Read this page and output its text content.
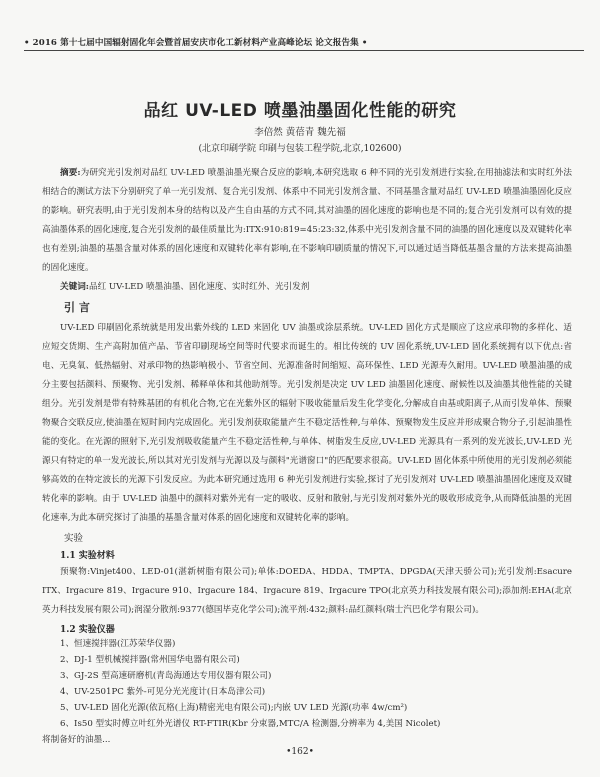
• 2016 第十七届中国辐射固化年会暨首届安庆市化工新材料产业高峰论坛 论文报告集 •
品红 UV-LED 喷墨油墨固化性能的研究
李倍然 黄蓓青 魏先福
(北京印刷学院 印刷与包装工程学院,北京,102600)
摘要:为研究光引发剂对品红 UV-LED 喷墨油墨光聚合反应的影响,本研究选取 6 种不同的光引发剂进行实验,在用抽滤法和实时红外法相结合的测试方法下分别研究了单一光引发剂、复合光引发剂、体系中不同光引发剂含量、不同基墨含量对品红 UV-LED 喷墨油墨固化反应的影响。研究表明,由于光引发剂本身的结构以及产生自由基的方式不同,其对油墨的固化速度的影响也是不同的;复合光引发剂可以有效的提高油墨体系的固化速度,复合光引发剂的最佳质量比为:ITX:910:819=45:23:32,体系中光引发剂含量不同的油墨的固化速度以及双键转化率也有差别;油墨的基墨含量对体系的固化速度和双键转化率有影响,在不影响印刷质量的情况下,可以通过适当降低基墨含量的方法来提高油墨的固化速度。
关键词:品红 UV-LED 喷墨油墨、固化速度、实时红外、光引发剂
引 言
UV-LED 印刷固化系统就是用发出紫外线的 LED 来固化 UV 油墨或涂层系统。UV-LED 固化方式是顺应了这应承印物的多样化、适应短交货期、生产高附加值产品、节省印刷现场空间等时代要求而诞生的。相比传统的 UV 固化系统,UV-LED 固化系统拥有以下优点:省电、无臭氧、低热辐射、对承印物的热影响极小、节省空间、光源准备时间缩短、高环保性、LED 光源寿久耐用。UV-LED 喷墨油墨的成分主要包括颜料、预聚物、光引发剂、稀释单体和其他助剂等。光引发剂是决定 UV LED 油墨固化速度、耐候性以及油墨其他性能的关键组分。光引发剂是带有特殊基团的有机化合物,它在光紫外区的辐射下吸收能量后发生化学变化,分解成自由基或阳离子,从而引发单体、预聚物聚合交联反应,使油墨在短时间内完成固化。光引发剂获取能量产生不稳定活性种,与单体、预聚物发生反应并形成聚合物分子,引起油墨性能的变化。在光源的照射下,光引发剂吸收能量产生不稳定活性种,与单体、树脂发生反应,UV-LED 光源具有一系列的发光波长,UV-LED 光源只有特定的单一发光波长,所以其对光引发剂与光源以及与颜料"光谱窗口"的匹配要求很高。UV-LED 固化体系中所使用的光引发剂必须能够高效的在特定波长的光源下引发反应。为此本研究通过选用 6 种光引发剂进行实验,探讨了光引发剂对 UV-LED 喷墨油墨固化速度及双键转化率的影响。由于 UV-LED 油墨中的颜料对紫外光有一定的吸收、反射和散射,与光引发剂对紫外光的吸收形成竞争,从而降低油墨的光固化速率,为此本研究探讨了油墨的基墨含量对体系的固化速度和双键转化率的影响。
实验
1.1 实验材料
预聚物:Vinjet400、LED-01(湛新树脂有限公司);单体:DOEDA、HDDA、TMPTA、DPGDA(天津天骄公司);光引发剂:Esacure ITX、Irgacure 819、Irgacure 910、Irgacure 184、Irgacure 819、Irgacure TPO(北京英力科技发展有限公司);添加剂:EHA(北京英力科技发展有限公司);润湿分散剂:9377(德国毕克化学公司);流平剂:432;颜料:品红颜料(瑞士汽巴化学有限公司)。
1.2 实验仪器
1、恒速搅拌器(江苏荣华仪器)
2、DJ-1 型机械搅拌器(常州国华电器有限公司)
3、GJ-2S 型高速研磨机(青岛海通达专用仪器有限公司)
4、UV-2501PC 紫外-可见分光光度计(日本岛津公司)
5、UV-LED 固化光源(依瓦格(上海)精密光电有限公司);内嵌 UV LED 光源(功率 4w/cm²)
6、Is50 型实时傅立叶红外光谱仪 RT-FTIR(Kbr 分束器,MTC/A 检测器,分辨率为 4,美国 Nicolet)
将制备好的油墨...
•162•
